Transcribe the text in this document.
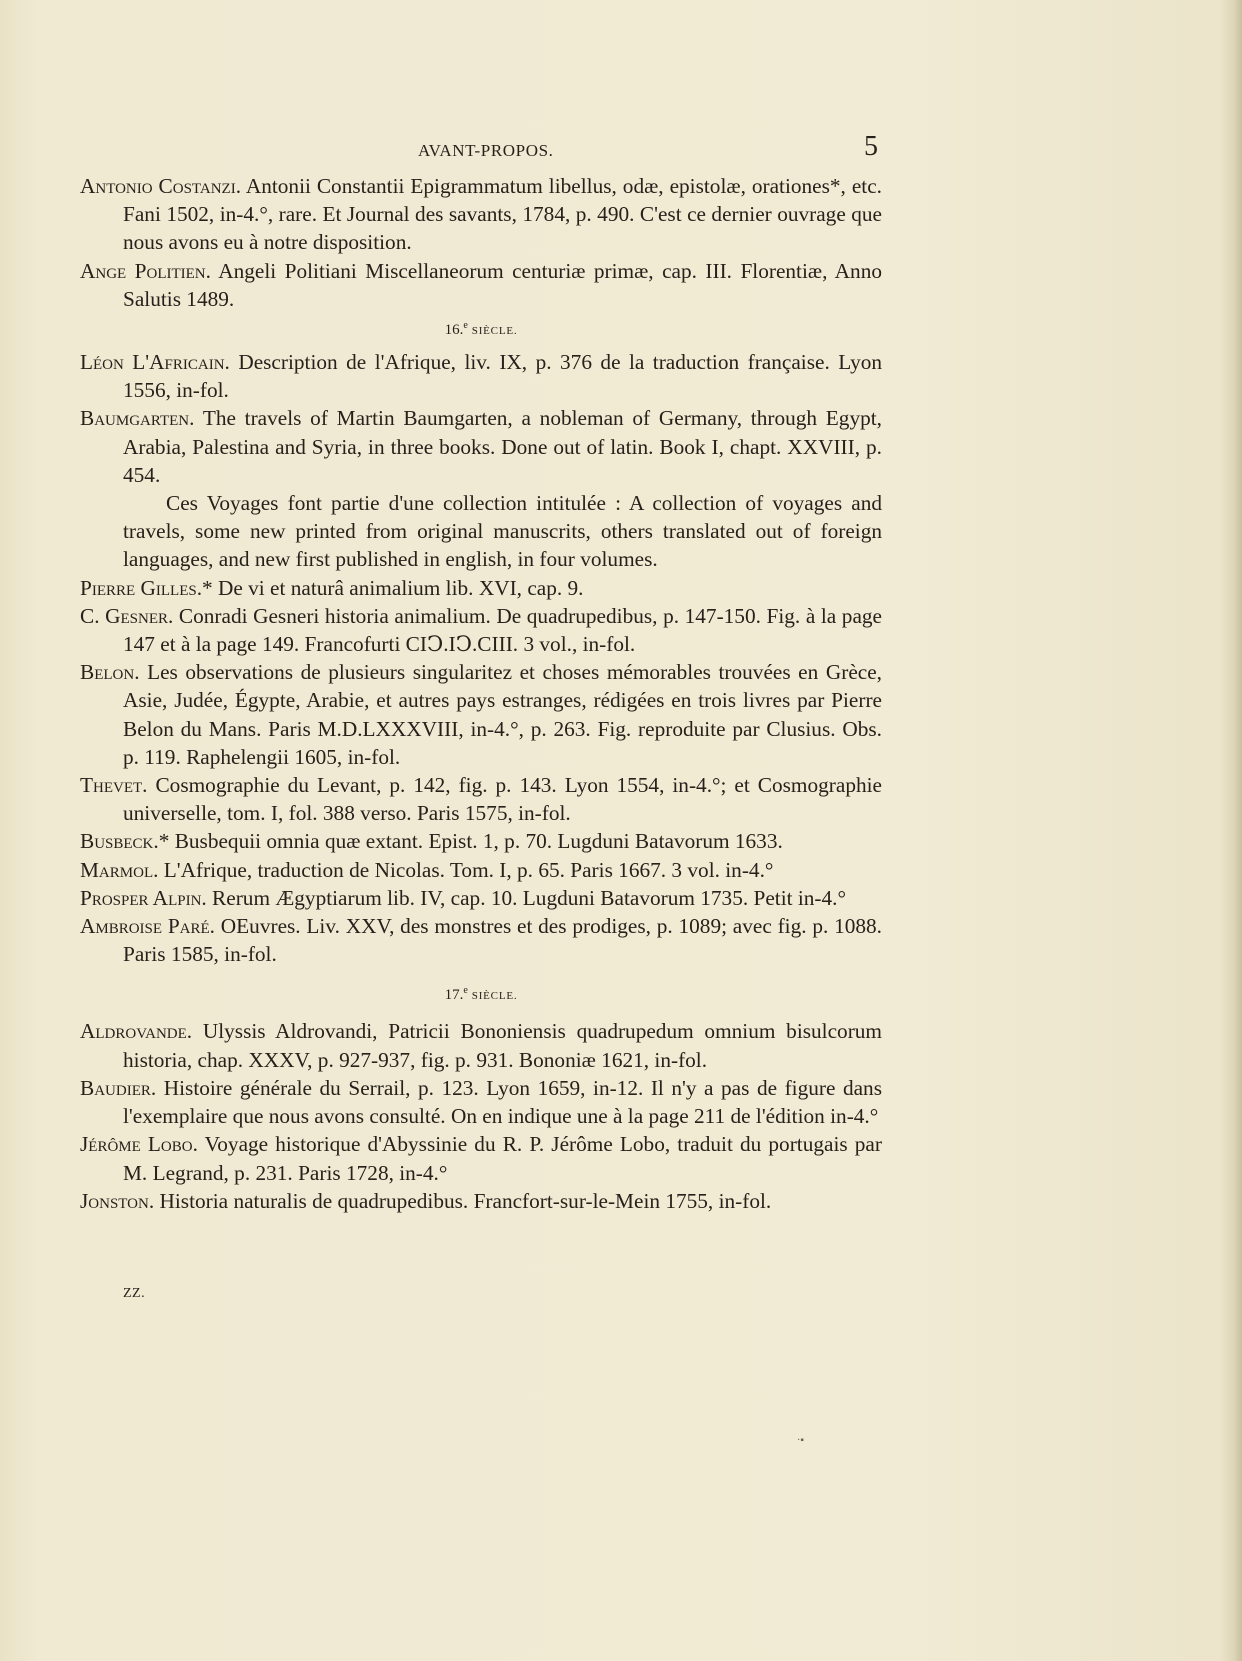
AVANT-PROPOS.	5
Antonio Costanzi. Antonii Constantii Epigrammatum libellus, odæ, epistolæ, orationes*, etc. Fani 1502, in-4.°, rare. Et Journal des savants, 1784, p. 490. C'est ce dernier ouvrage que nous avons eu à notre disposition.
Ange Politien. Angeli Politiani Miscellaneorum centuriæ primæ, cap. III. Florentiæ, Anno Salutis 1489.
16.$^e$ SIÈCLE.
Léon L'Africain. Description de l'Afrique, liv. IX, p. 376 de la traduction française. Lyon 1556, in-fol.
Baumgarten. The travels of Martin Baumgarten, a nobleman of Germany, through Egypt, Arabia, Palestina and Syria, in three books. Done out of latin. Book I, chapt. XXVIII, p. 454.
Ces Voyages font partie d'une collection intitulée : A collection of voyages and travels, some new printed from original manuscrits, others translated out of foreign languages, and new first published in english, in four volumes.
Pierre Gilles.* De vi et naturâ animalium lib. XVI, cap. 9.
C. Gesner. Conradi Gesneri historia animalium. De quadrupedibus, p. 147-150. Fig. à la page 147 et à la page 149. Francofurti CIↃ.IↃ.CIII. 3 vol., in-fol.
Belon. Les observations de plusieurs singularitez et choses mémorables trouvées en Grèce, Asie, Judée, Égypte, Arabie, et autres pays estranges, rédigées en trois livres par Pierre Belon du Mans. Paris M.D.LXXXVIII, in-4.°, p. 263. Fig. reproduite par Clusius. Obs. p. 119. Raphelengii 1605, in-fol.
Thevet. Cosmographie du Levant, p. 142, fig. p. 143. Lyon 1554, in-4.°; et Cosmographie universelle, tom. I, fol. 388 verso. Paris 1575, in-fol.
Busbeck.* Busbequii omnia quæ extant. Epist. 1, p. 70. Lugduni Batavorum 1633.
Marmol. L'Afrique, traduction de Nicolas. Tom. I, p. 65. Paris 1667. 3 vol. in-4.°
Prosper Alpin. Rerum Ægyptiarum lib. IV, cap. 10. Lugduni Batavorum 1735. Petit in-4.°
Ambroise Paré. OEuvres. Liv. XXV, des monstres et des prodiges, p. 1089; avec fig. p. 1088. Paris 1585, in-fol.
17.$^e$ SIÈCLE.
Aldrovande. Ulyssis Aldrovandi, Patricii Bononiensis quadrupedum omnium bisulcorum historia, chap. XXXV, p. 927-937, fig. p. 931. Bononiæ 1621, in-fol.
Baudier. Histoire générale du Serrail, p. 123. Lyon 1659, in-12. Il n'y a pas de figure dans l'exemplaire que nous avons consulté. On en indique une à la page 211 de l'édition in-4.°
Jérôme Lobo. Voyage historique d'Abyssinie du R. P. Jérôme Lobo, traduit du portugais par M. Legrand, p. 231. Paris 1728, in-4.°
Jonston. Historia naturalis de quadrupedibus. Francfort-sur-le-Mein 1755, in-fol.
ZZ.
·▪
